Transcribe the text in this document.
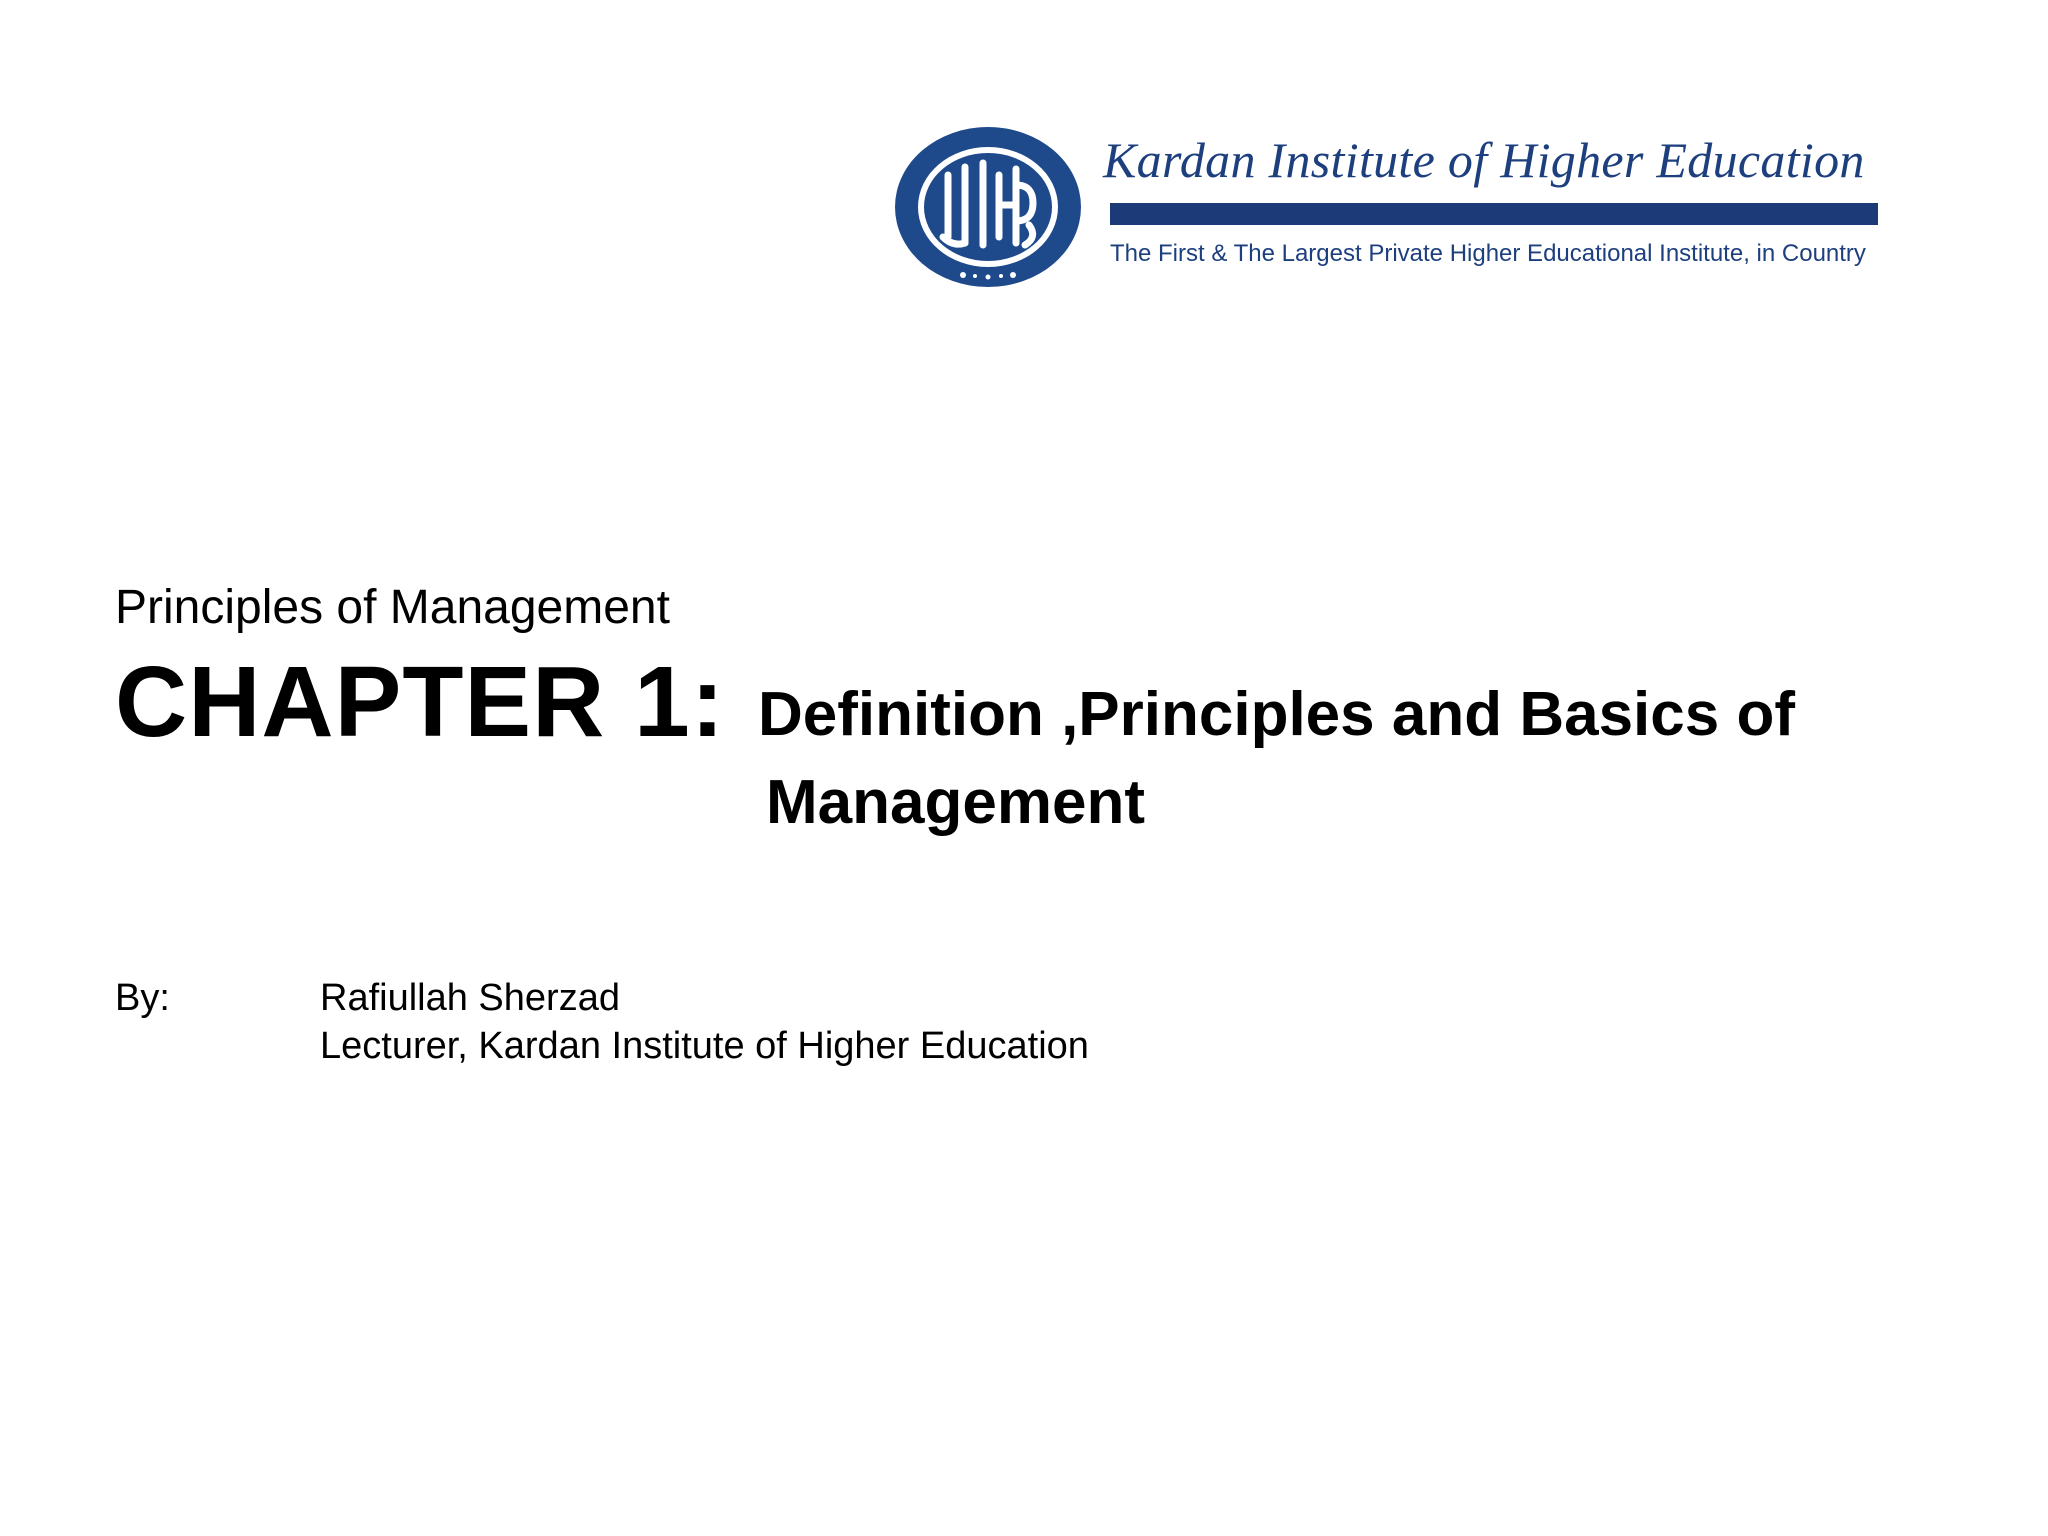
Kardan Institute of Higher Education
The First & The Largest Private Higher Educational Institute, in Country
Principles of Management
CHAPTER 1: Definition ,Principles and Basics of
Management
By:	Rafiullah Sherzad
Lecturer, Kardan Institute of Higher Education
